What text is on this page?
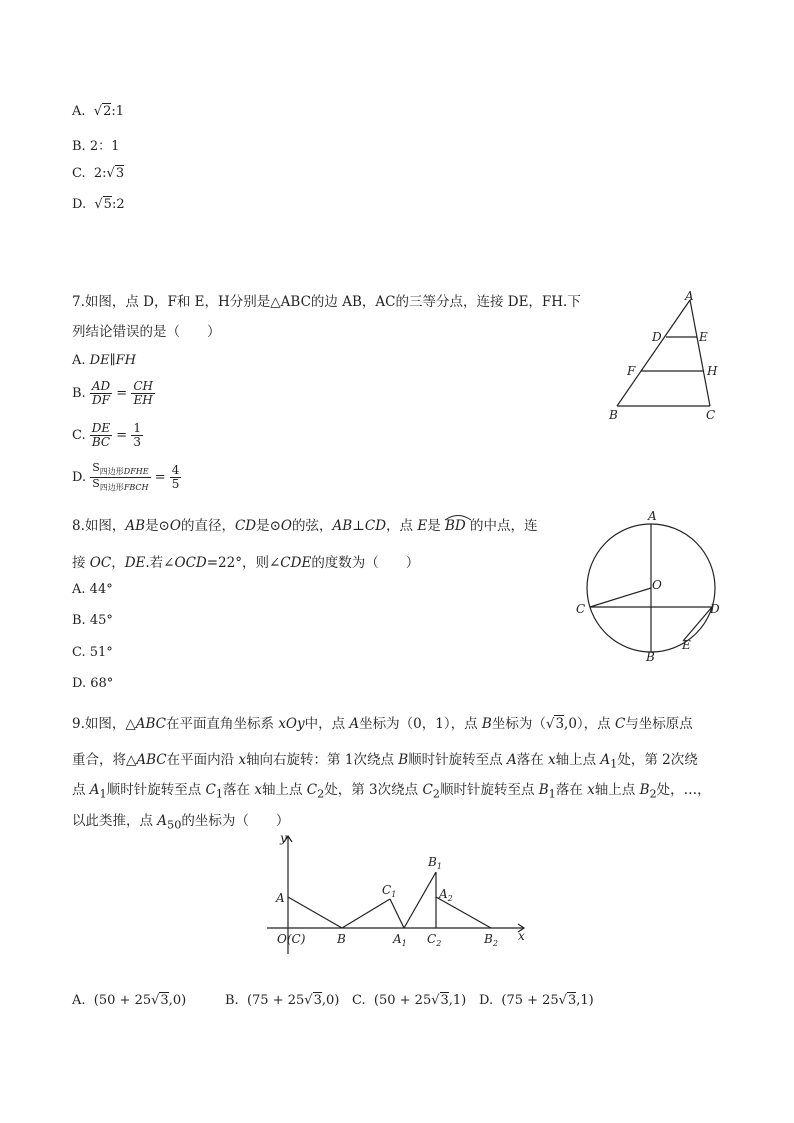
A.  √2:1
B. 2：1
C.  2:√3
D.  √5:2
7.如图，点 D，F和 E，H分别是△ABC的边 AB，AC的三等分点，连接 DE，FH.下
列结论错误的是（　　）
A. DE∥FH
B. $\frac{AD}{DF} = \frac{CH}{EH}$
C. $\frac{DE}{BC} = \frac{1}{3}$
D. $\frac{S_{四边形DFHE}}{S_{四边形FBCH}} = \frac{4}{5}$
A
D	E
F	H
B	C
8.如图，AB是⊙O的直径，CD是⊙O的弦，AB⊥CD，点 E是
BD 的中点，连
接 OC，DE.若∠OCD=22°，则∠CDE的度数为（　　）
A. 44°
B. 45°
C. 51°
D. 68°
A
O
C	D
B
E
9.如图，△ABC在平面直角坐标系 xOy中，点 A坐标为（0，1），点 B坐标为（√3,0），点 C与坐标原点
重合，将△ABC在平面内沿 x轴向右旋转：第 1次绕点 B顺时针旋转至点 A落在 x轴上点 $A_1$处，第 2次绕
点 $A_1$顺时针旋转至点 $C_1$落在 x轴上点 $C_2$处，第 3次绕点 $C_2$顺时针旋转至点 $B_1$落在 x轴上点 $B_2$处，…，
以此类推，点 $A_{50}$的坐标为（　　）
y
x
A
O(C)	B
$C_1$
$A_1$
$B_1$
$A_2$
$C_2$	$B_2$
A.  (50 + 25√3,0)	B.  (75 + 25√3,0) C.  (50 + 25√3,1) D.  (75 + 25√3,1)
